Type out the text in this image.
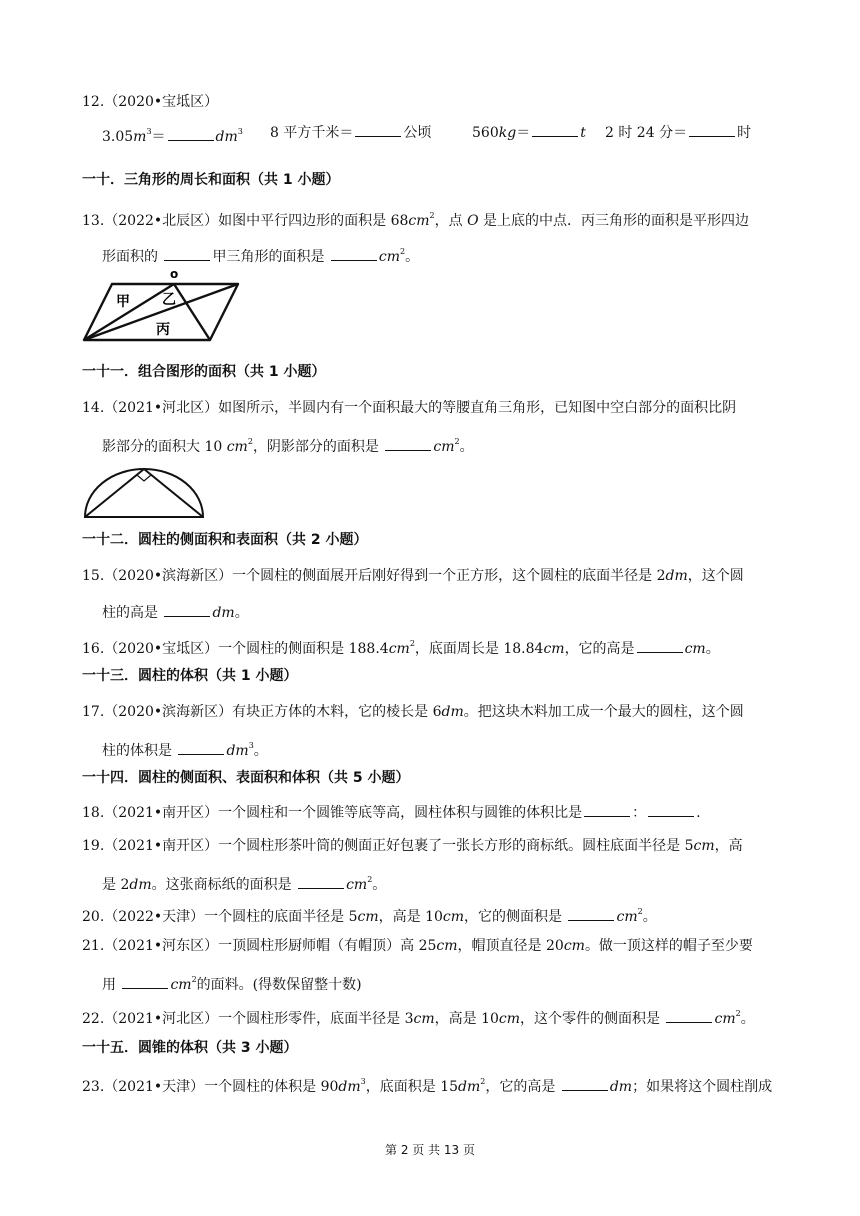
12.（2020•宝坻区）
$3.05m^3=$	$dm^3$ 8 平方千米＝	公顷	560kg＝	t 2 时 24 分＝	时
一十．三角形的周长和面积（共 1 小题）
13.（2022•北辰区）如图中平行四边形的面积是 $68cm^2$，点 O 是上底的中点．丙三角形的面积是平形四边
形面积的	甲三角形的面积是	$cm^2$。
o
甲 乙
丙
一十一．组合图形的面积（共 1 小题）
14.（2021•河北区）如图所示，半圆内有一个面积最大的等腰直角三角形，已知图中空白部分的面积比阴
影部分的面积大 10 $cm^2$，阴影部分的面积是	$cm^2$。
一十二．圆柱的侧面积和表面积（共 2 小题）
15.（2020•滨海新区）一个圆柱的侧面展开后刚好得到一个正方形，这个圆柱的底面半径是 2dm，这个圆
柱的高是	dm。
16.（2020•宝坻区）一个圆柱的侧面积是 $188.4cm^2$，底面周长是 18.84cm，它的高是	cm。
一十三．圆柱的体积（共 1 小题）
17.（2020•滨海新区）有块正方体的木料，它的棱长是 6dm。把这块木料加工成一个最大的圆柱，这个圆
柱的体积是	$dm^3$。
一十四．圆柱的侧面积、表面积和体积（共 5 小题）
18.（2021•南开区）一个圆柱和一个圆锥等底等高，圆柱体积与圆锥的体积比是	：	.
19.（2021•南开区）一个圆柱形茶叶筒的侧面正好包裹了一张长方形的商标纸。圆柱底面半径是 5cm，高
是 2dm。这张商标纸的面积是	$cm^2$。
20.（2022•天津）一个圆柱的底面半径是 5cm，高是 10cm，它的侧面积是	$cm^2$。
21.（2021•河东区）一顶圆柱形厨师帽（有帽顶）高 25cm，帽顶直径是 20cm。做一顶这样的帽子至少要
用	$cm^2$的面料。(得数保留整十数)
22.（2021•河北区）一个圆柱形零件，底面半径是 3cm，高是 10cm，这个零件的侧面积是	$cm^2$。
一十五．圆锥的体积（共 3 小题）
23.（2021•天津）一个圆柱的体积是 $90dm^3$，底面积是 $15dm^2$，它的高是	dm；如果将这个圆柱削成
第 2 页 共 13 页
